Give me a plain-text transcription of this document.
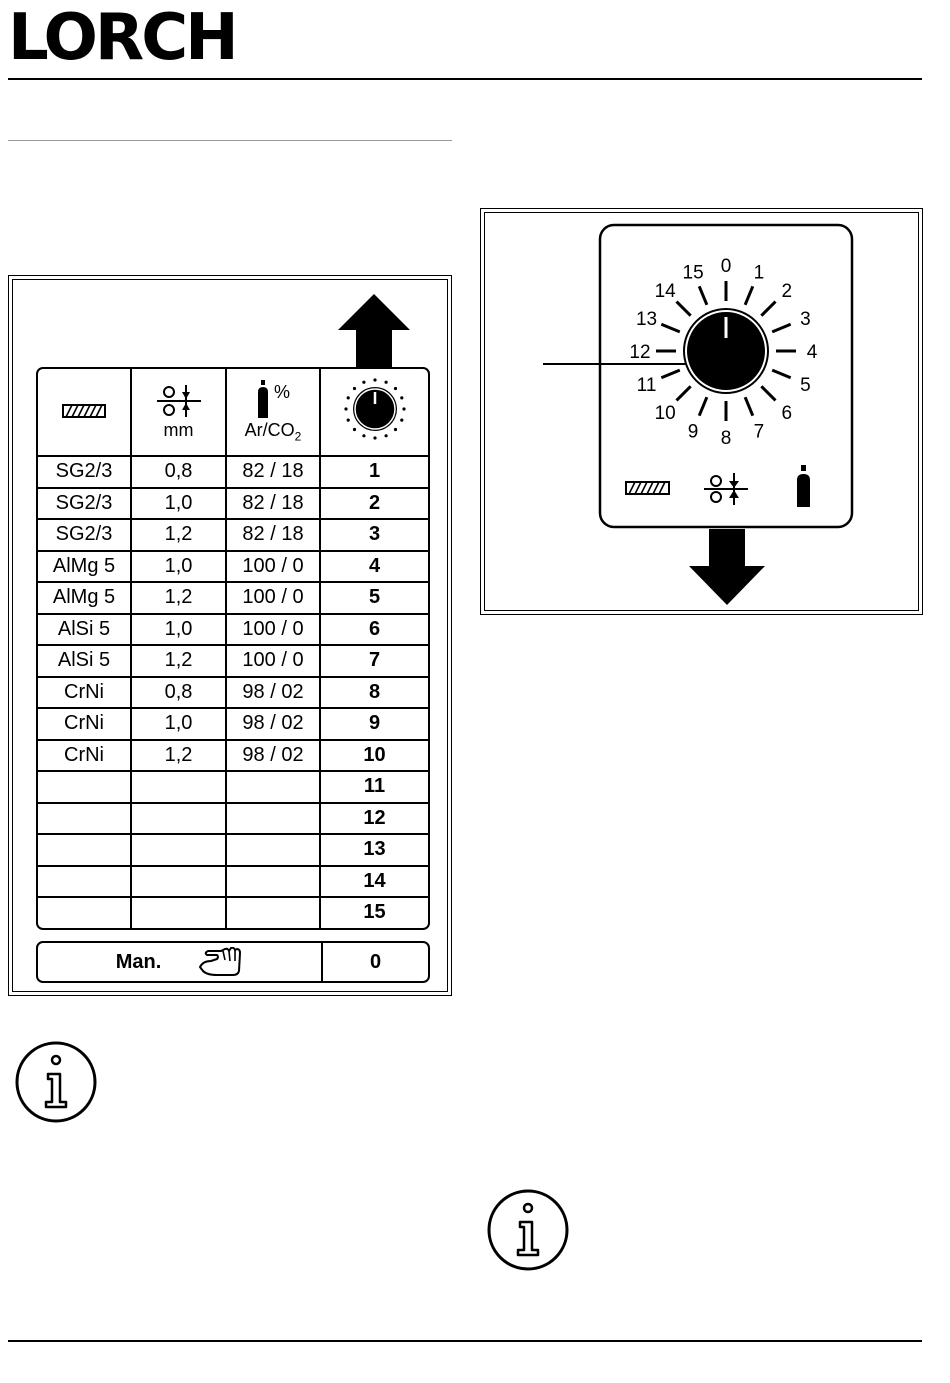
LORCH

mm	%
$Ar/CO_2$

SG2/3	0,8	82 / 18	1
SG2/3	1,0	82 / 18	2
SG2/3	1,2	82 / 18	3
AlMg 5	1,0	100 / 0	4
AlMg 5	1,2	100 / 0	5
AlSi 5	1,0	100 / 0	6
AlSi 5	1,2	100 / 0	7
CrNi	0,8	98 / 02	8
CrNi	1,0	98 / 02	9
CrNi	1,2	98 / 02	10
			11
			12
			13
			14
			15
Man.	0
0 1
2
3
4
5
6
7
8
9
10
11
12
13
14
15
